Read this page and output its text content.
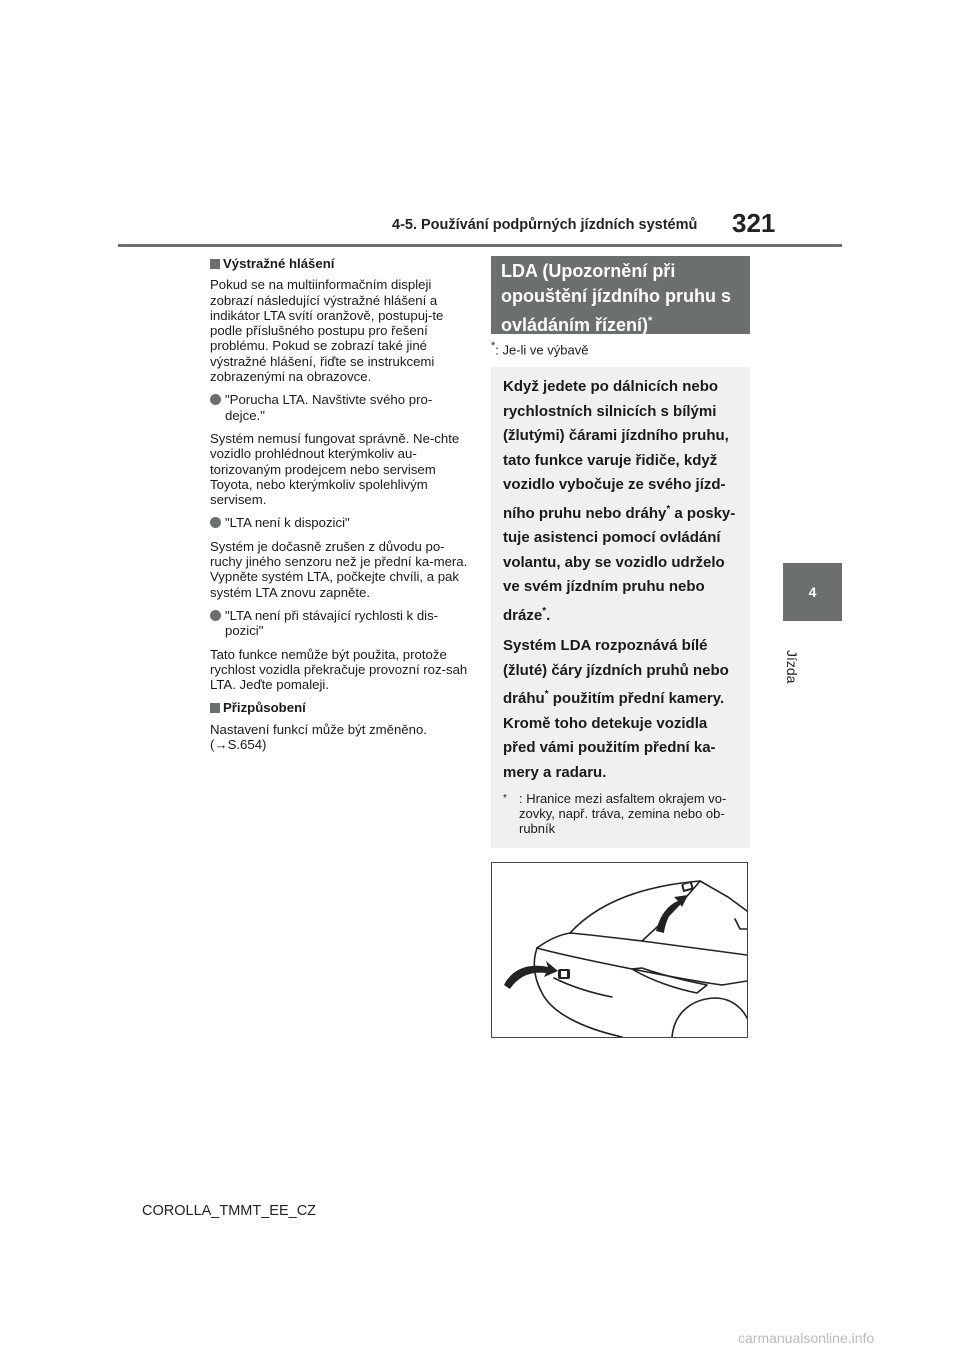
4-5. Používání podpůrných jízdních systémů 321
4
Jízda
Výstražné hlášení

Pokud se na multiinformačním displeji zobrazí následující výstražné hlášení a indikátor LTA svítí oranžově, postupuj-te podle příslušného postupu pro řešení problému. Pokud se zobrazí také jiné výstražné hlášení, řiďte se instrukcemi zobrazenými na obrazovce.

"Porucha LTA. Navštivte svého pro-dejce."

Systém nemusí fungovat správně. Ne-chte vozidlo prohlédnout kterýmkoliv au-torizovaným prodejcem nebo servisem Toyota, nebo kterýmkoliv spolehlivým servisem.

"LTA není k dispozici"

Systém je dočasně zrušen z důvodu po-ruchy jiného senzoru než je přední ka-mera. Vypněte systém LTA, počkejte chvíli, a pak systém LTA znovu zapněte.

"LTA není při stávající rychlosti k dis-pozici"

Tato funkce nemůže být použita, protože rychlost vozidla překračuje provozní roz-sah LTA. Jeďte pomaleji.

Přizpůsobení

Nastavení funkcí může být změněno.
(→S.654)

LDA (Upozornění při opouštění jízdního pruhu s ovládáním řízení)*
*: Je-li ve výbavě

Když jedete po dálnicích nebo rychlostních silnicích s bílými (žlutými) čárami jízdního pruhu, tato funkce varuje řidiče, když vozidlo vybočuje ze svého jízd-ního pruhu nebo dráhy* a posky-tuje asistenci pomocí ovládání volantu, aby se vozidlo udrželo ve svém jízdním pruhu nebo dráze*.

Systém LDA rozpoznává bílé (žluté) čáry jízdních pruhů nebo dráhu* použitím přední kamery. Kromě toho detekuje vozidla před vámi použitím přední ka-mery a radaru.

* : Hranice mezi asfaltem okrajem vo-zovky, např. tráva, zemina nebo ob-rubník
COROLLA_TMMT_EE_CZ
carmanualsonline.info
